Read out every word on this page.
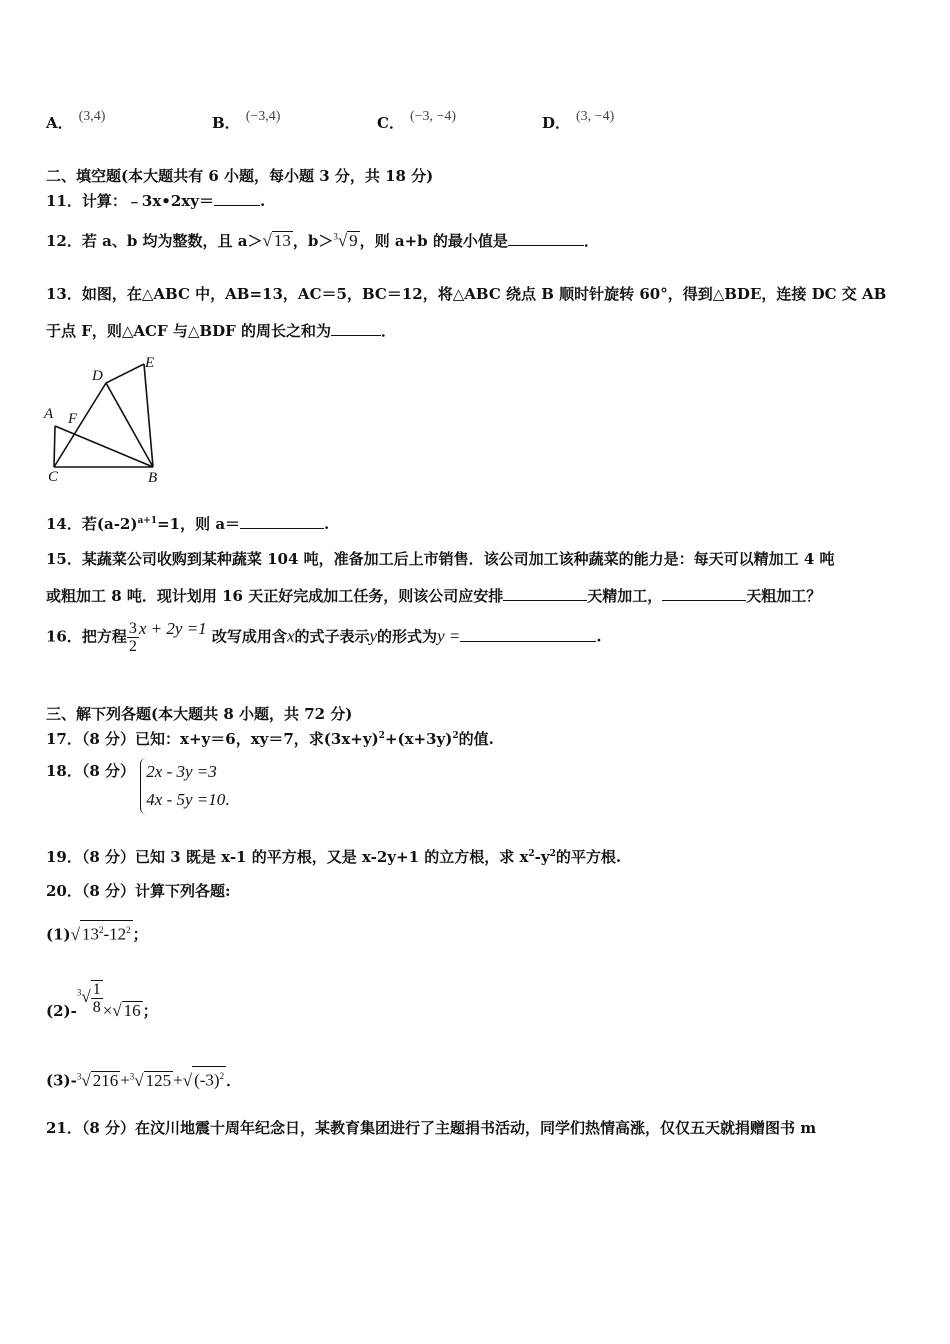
A． (3,4)	B． (−3,4)	C． (−3, −4)	D． (3, −4)
二、填空题(本大题共有 6 小题，每小题 3 分，共 18 分)
11．计算：﹣3x•2xy＝	.
12．若 a、b 均为整数，且 a＞√ 13 ，b＞$^3$√ 9 ，则 a+b 的最小值是	．
13．如图，在△ABC 中，AB=13，AC＝5，BC＝12，将△ABC 绕点 B 顺时针旋转 60°，得到△BDE，连接 DC 交 AB
于点 F，则△ACF 与△BDF 的周长之和为	．
A
B
C
D
E
F
14．若$(a-2)^{a+1}=1$，则 a＝	.
15．某蔬菜公司收购到某种蔬菜 104 吨，准备加工后上市销售．该公司加工该种蔬菜的能力是：每天可以精加工 4 吨
或粗加工 8 吨．现计划用 16 天正好完成加工任务，则该公司应安排	天精加工，	天粗加工？
16．把方程 $\frac{3}{2}$ x + 2y =1 改写成用含x的式子表示y的形式为y =	.
三、解下列各题(本大题共 8 小题，共 72 分)
17．（8 分）已知：x+y＝6，xy＝7，求$(3x+y)^2+(x+3y)^2$的值.
18．（8 分） 2x - 3y =3
4x - 5y =10.
19．（8 分）已知 3 既是 x-1 的平方根，又是 x-2y+1 的立方根，求 $x^2-y^2$的平方根.
20．（8 分）计算下列各题:
(1)√ $13^2-12^2$ ；
$(2)-^3√ \frac{1}{8}$ ×√ 16 ；
(3)-$^3$√ 216 +$^3$√ 125 +√ $(-3)^2$ ．
21．（8 分）在汶川地震十周年纪念日，某教育集团进行了主题捐书活动，同学们热情高涨，仅仅五天就捐赠图书 m
